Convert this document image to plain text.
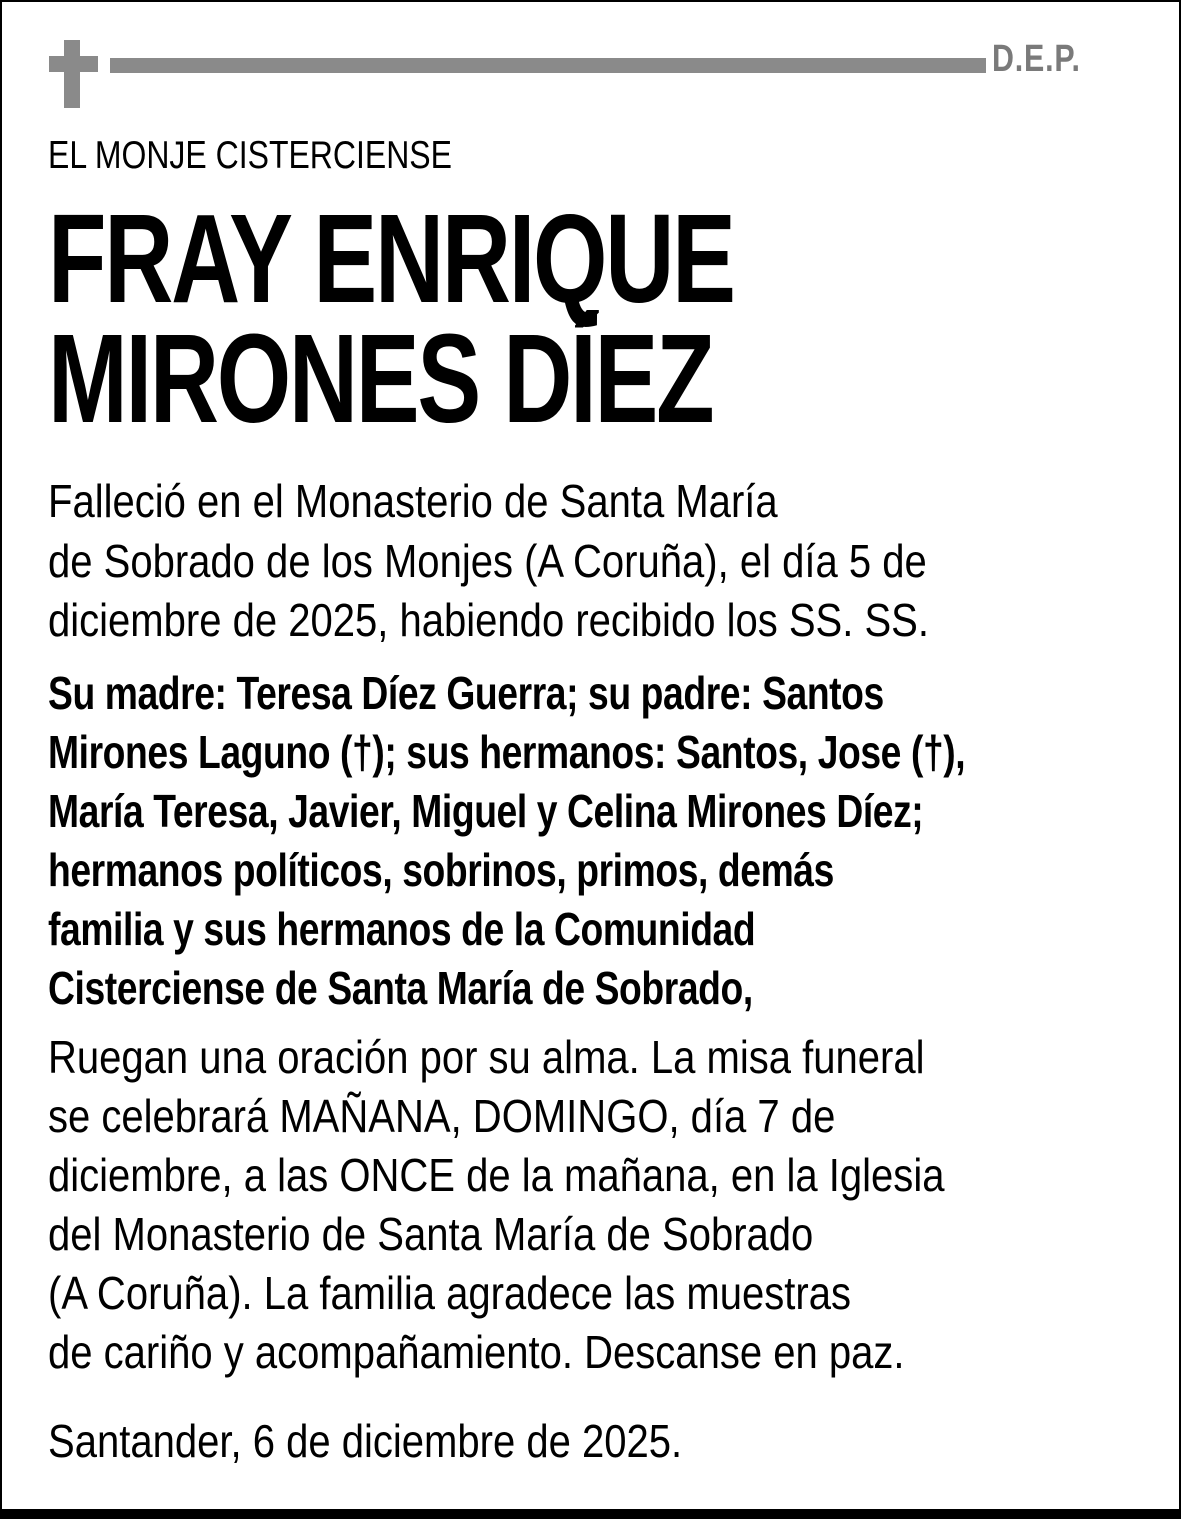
D.E.P.
EL MONJE CISTERCIENSE
FRAY ENRIQUE
MIRONES DÍEZ
Falleció en el Monasterio de Santa María
de Sobrado de los Monjes (A Coruña), el día 5 de
diciembre de 2025, habiendo recibido los SS. SS.
Su madre: Teresa Díez Guerra; su padre: Santos
Mirones Laguno (†); sus hermanos: Santos, Jose (†),
María Teresa, Javier, Miguel y Celina Mirones Díez;
hermanos políticos, sobrinos, primos, demás
familia y sus hermanos de la Comunidad
Cisterciense de Santa María de Sobrado,
Ruegan una oración por su alma. La misa funeral
se celebrará MAÑANA, DOMINGO, día 7 de
diciembre, a las ONCE de la mañana, en la Iglesia
del Monasterio de Santa María de Sobrado
(A Coruña). La familia agradece las muestras
de cariño y acompañamiento. Descanse en paz.
Santander, 6 de diciembre de 2025.
